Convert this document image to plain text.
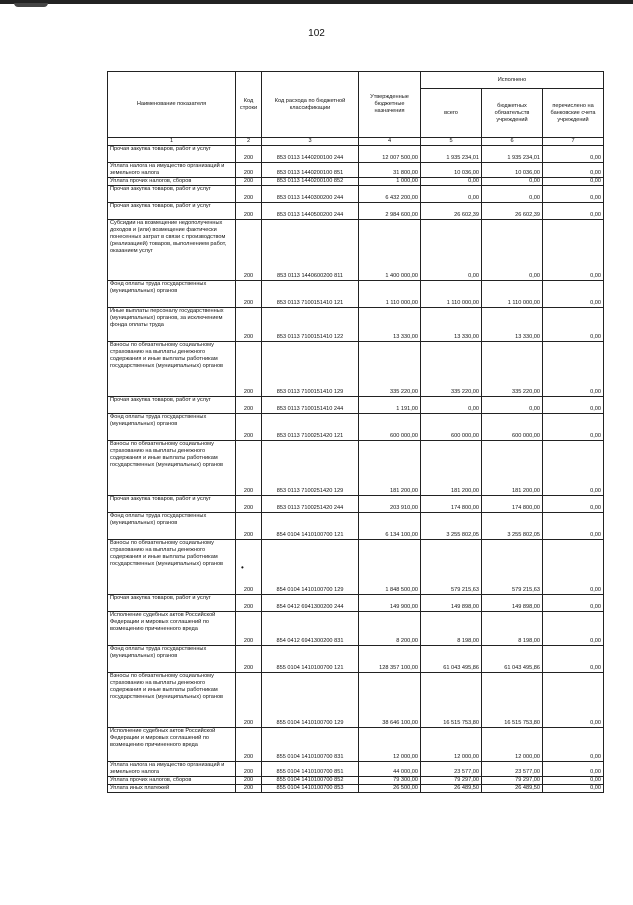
102
Наименование показателя	Код строки	Код расхода по бюджетной классификации	Утвержденные бюджетные назначения	Исполнено		
				всего	бюджетных обязательств учреждений	перечислено на банковские счета учреждений
1	2	3	4	5	6	7
Прочая закупка товаров, работ и услуг	200	853 0113 1440200100 244	12 007 500,00	1 935 234,01	1 935 234,01	0,00
Уплата налога на имущество организаций и земельного налога	200	853 0113 1440200100 851	31 800,00	10 036,00	10 036,00	0,00
Уплата прочих налогов, сборов	200	853 0113 1440200100 852	1 000,00	0,00	0,00	0,00
Прочая закупка товаров, работ и услуг	200	853 0113 1440300200 244	6 432 200,00	0,00	0,00	0,00
Прочая закупка товаров, работ и услуг	200	853 0113 1440500200 244	2 984 600,00	26 602,39	26 602,39	0,00
Субсидии на возмещение недополученных доходов и (или) возмещение фактически понесенных затрат в связи с производством (реализацией) товаров, выполнением работ, оказанием услуг	200	853 0113 1440600200 811	1 400 000,00	0,00	0,00	0,00
Фонд оплаты труда государственных (муниципальных) органов	200	853 0113 7100151410 121	1 110 000,00	1 110 000,00	1 110 000,00	0,00
Иные выплаты персоналу государственных (муниципальных) органов, за исключением фонда оплаты труда	200	853 0113 7100151410 122	13 330,00	13 330,00	13 330,00	0,00
Взносы по обязательному социальному страхованию на выплаты денежного содержания и иные выплаты работникам государственных (муниципальных) органов	200	853 0113 7100151410 129	335 220,00	335 220,00	335 220,00	0,00
Прочая закупка товаров, работ и услуг	200	853 0113 7100151410 244	1 191,00	0,00	0,00	0,00
Фонд оплаты труда государственных (муниципальных) органов	200	853 0113 7100251420 121	600 000,00	600 000,00	600 000,00	0,00
Взносы по обязательному социальному страхованию на выплаты денежного содержания и иные выплаты работникам государственных (муниципальных) органов	200	853 0113 7100251420 129	181 200,00	181 200,00	181 200,00	0,00
Прочая закупка товаров, работ и услуг	200	853 0113 7100251420 244	203 910,00	174 800,00	174 800,00	0,00
Фонд оплаты труда государственных (муниципальных) органов	200	854 0104 1410100700 121	6 134 100,00	3 255 802,05	3 255 802,05	0,00
Взносы по обязательному социальному страхованию на выплаты денежного содержания и иные выплаты работникам государственных (муниципальных) органов	200	854 0104 1410100700 129	1 848 500,00	579 215,63	579 215,63	0,00
Прочая закупка товаров, работ и услуг	200	854 0412 6941300200 244	149 900,00	149 898,00	149 898,00	0,00
Исполнение судебных актов Российской Федерации и мировых соглашений по возмещению причиненного вреда	200	854 0412 6941300200 831	8 200,00	8 198,00	8 198,00	0,00
Фонд оплаты труда государственных (муниципальных) органов	200	855 0104 1410100700 121	128 357 100,00	61 043 495,86	61 043 495,86	0,00
Взносы по обязательному социальному страхованию на выплаты денежного содержания и иные выплаты работникам государственных (муниципальных) органов	200	855 0104 1410100700 129	38 646 100,00	16 515 753,80	16 515 753,80	0,00
Исполнение судебных актов Российской Федерации и мировых соглашений по возмещению причиненного вреда	200	855 0104 1410100700 831	12 000,00	12 000,00	12 000,00	0,00
Уплата налога на имущество организаций и земельного налога	200	855 0104 1410100700 851	44 000,00	23 577,00	23 577,00	0,00
Уплата прочих налогов, сборов	200	855 0104 1410100700 852	79 300,00	79 297,00	79 297,00	0,00
Уплата иных платежей	200	855 0104 1410100700 853	26 500,00	26 489,50	26 489,50	0,00
•
